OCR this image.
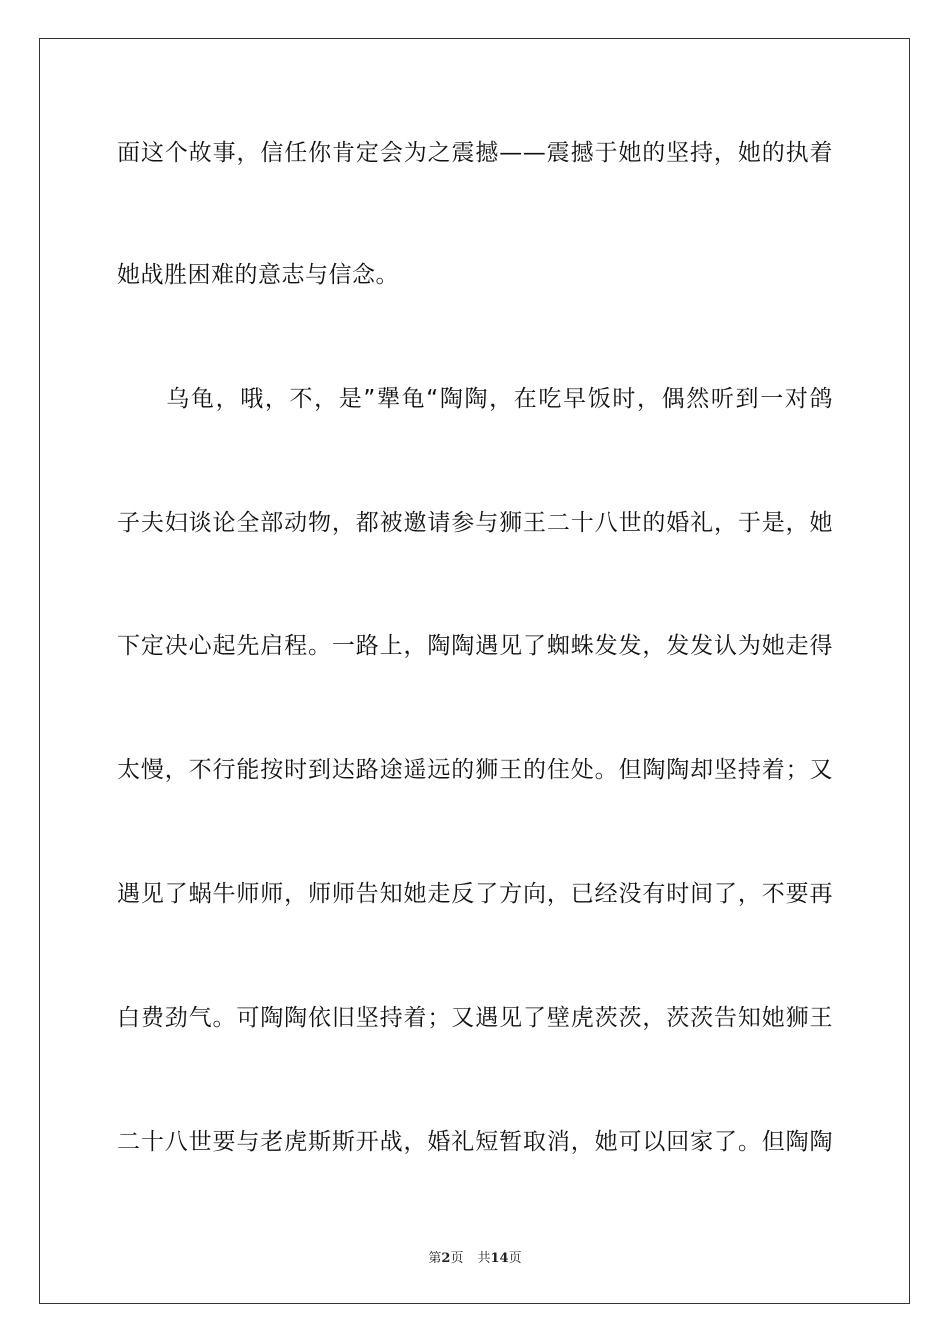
面这个故事，信任你肯定会为之震撼——震撼于她的坚持，她的执着
她战胜困难的意志与信念。
　　乌龟，哦，不，是”犟龟“陶陶，在吃早饭时，偶然听到一对鸽
子夫妇谈论全部动物，都被邀请参与狮王二十八世的婚礼，于是，她
下定决心起先启程。一路上，陶陶遇见了蜘蛛发发，发发认为她走得
太慢，不行能按时到达路途遥远的狮王的住处。但陶陶却坚持着；又
遇见了蜗牛师师，师师告知她走反了方向，已经没有时间了，不要再
白费劲气。可陶陶依旧坚持着；又遇见了壁虎茨茨，茨茨告知她狮王
二十八世要与老虎斯斯开战，婚礼短暂取消，她可以回家了。但陶陶
第2页 共14页
